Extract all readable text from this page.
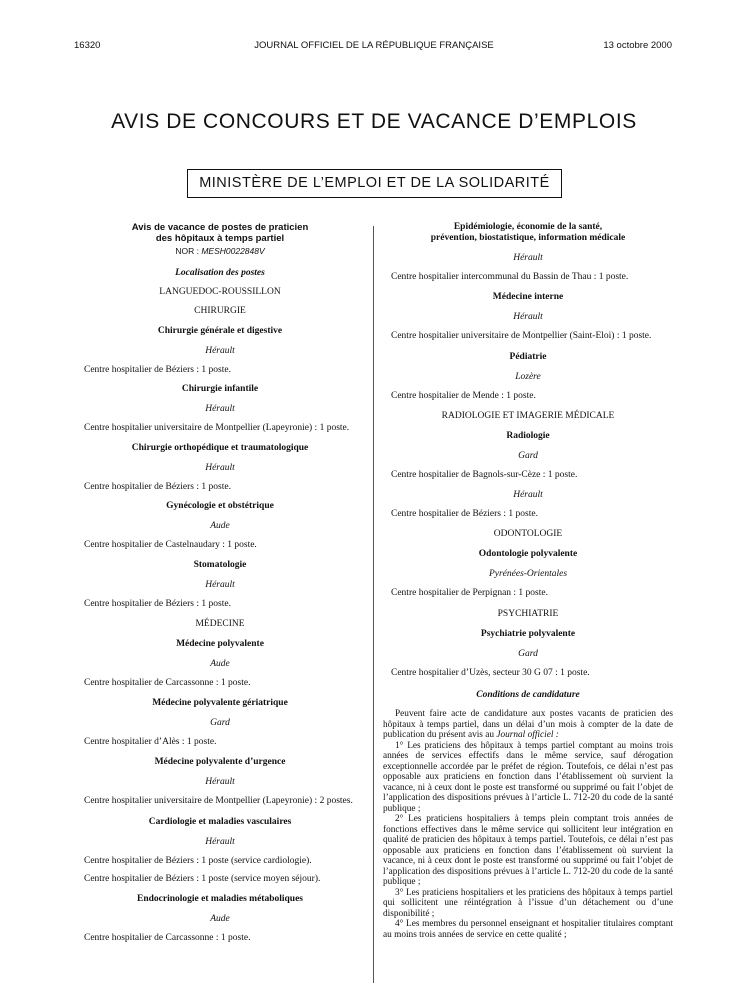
16320	JOURNAL OFFICIEL DE LA RÉPUBLIQUE FRANÇAISE	13 octobre 2000
AVIS DE CONCOURS ET DE VACANCE D’EMPLOIS
MINISTÈRE DE L’EMPLOI ET DE LA SOLIDARITÉ
Avis de vacance de postes de praticien
des hôpitaux à temps partiel
NOR : MESH0022848V
Localisation des postes
LANGUEDOC-ROUSSILLON
CHIRURGIE
Chirurgie générale et digestive
Hérault
Centre hospitalier de Béziers : 1 poste.
Chirurgie infantile
Hérault
Centre hospitalier universitaire de Montpellier (Lapeyronie) : 1 poste.
Chirurgie orthopédique et traumatologique
Hérault
Centre hospitalier de Béziers : 1 poste.
Gynécologie et obstétrique
Aude
Centre hospitalier de Castelnaudary : 1 poste.
Stomatologie
Hérault
Centre hospitalier de Béziers : 1 poste.
MÉDECINE
Médecine polyvalente
Aude
Centre hospitalier de Carcassonne : 1 poste.
Médecine polyvalente gériatrique
Gard
Centre hospitalier d’Alès : 1 poste.
Médecine polyvalente d’urgence
Hérault
Centre hospitalier universitaire de Montpellier (Lapeyronie) : 2 postes.
Cardiologie et maladies vasculaires
Hérault
Centre hospitalier de Béziers : 1 poste (service cardiologie).
Centre hospitalier de Béziers : 1 poste (service moyen séjour).
Endocrinologie et maladies métaboliques
Aude
Centre hospitalier de Carcassonne : 1 poste.
Epidémiologie, économie de la santé,
prévention, biostatistique, information médicale
Hérault
Centre hospitalier intercommunal du Bassin de Thau : 1 poste.
Médecine interne
Hérault
Centre hospitalier universitaire de Montpellier (Saint-Eloi) : 1 poste.
Pédiatrie
Lozère
Centre hospitalier de Mende : 1 poste.
RADIOLOGIE ET IMAGERIE MÉDICALE
Radiologie
Gard
Centre hospitalier de Bagnols-sur-Cèze : 1 poste.
Hérault
Centre hospitalier de Béziers : 1 poste.
ODONTOLOGIE
Odontologie polyvalente
Pyrénées-Orientales
Centre hospitalier de Perpignan : 1 poste.
PSYCHIATRIE
Psychiatrie polyvalente
Gard
Centre hospitalier d’Uzès, secteur 30 G 07 : 1 poste.
Conditions de candidature
Peuvent faire acte de candidature aux postes vacants de praticien des hôpitaux à temps partiel, dans un délai d’un mois à compter de la date de publication du présent avis au Journal officiel :
1° Les praticiens des hôpitaux à temps partiel comptant au moins trois années de services effectifs dans le même service, sauf dérogation exceptionnelle accordée par le préfet de région. Toutefois, ce délai n’est pas opposable aux praticiens en fonction dans l’établissement où survient la vacance, ni à ceux dont le poste est transformé ou supprimé ou fait l’objet de l’application des dispositions prévues à l’article L. 712-20 du code de la santé publique ;
2° Les praticiens hospitaliers à temps plein comptant trois années de fonctions effectives dans le même service qui sollicitent leur intégration en qualité de praticien des hôpitaux à temps partiel. Toutefois, ce délai n’est pas opposable aux praticiens en fonction dans l’établissement où survient la vacance, ni à ceux dont le poste est transformé ou supprimé ou fait l’objet de l’application des dispositions prévues à l’article L. 712-20 du code de la santé publique ;
3° Les praticiens hospitaliers et les praticiens des hôpitaux à temps partiel qui sollicitent une réintégration à l’issue d’un détachement ou d’une disponibilité ;
4° Les membres du personnel enseignant et hospitalier titulaires comptant au moins trois années de service en cette qualité ;
